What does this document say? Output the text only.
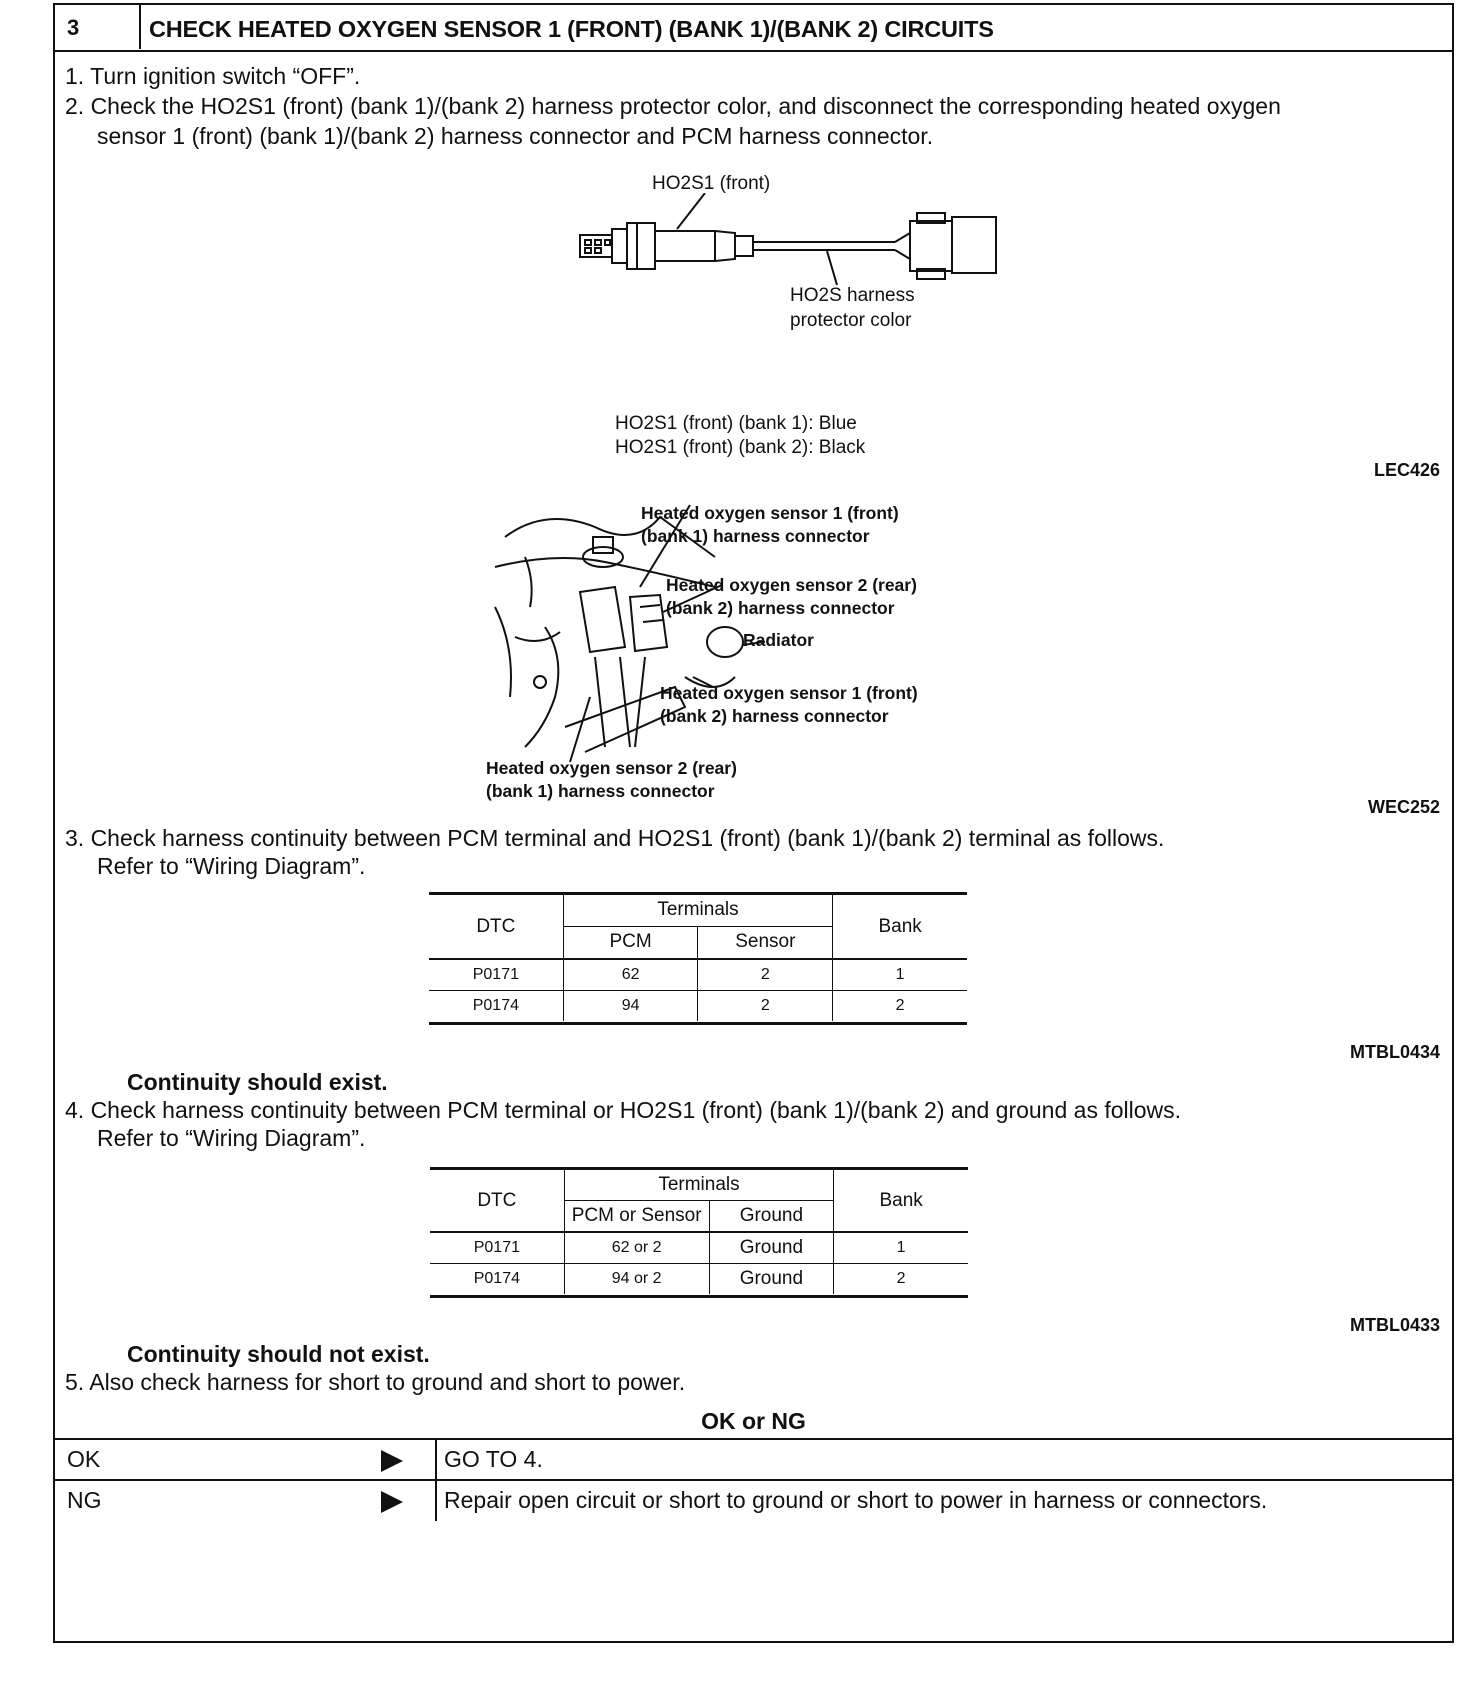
3	CHECK HEATED OXYGEN SENSOR 1 (FRONT) (BANK 1)/(BANK 2) CIRCUITS
1. Turn ignition switch “OFF”.
2. Check the HO2S1 (front) (bank 1)/(bank 2) harness protector color, and disconnect the corresponding heated oxygen
sensor 1 (front) (bank 1)/(bank 2) harness connector and PCM harness connector.
HO2S1 (front)
HO2S harness
protector color
HO2S1 (front) (bank 1): Blue
HO2S1 (front) (bank 2): Black
LEC426
Heated oxygen sensor 1 (front)
(bank 1) harness connector
Heated oxygen sensor 2 (rear)
(bank 2) harness connector
Radiator
Heated oxygen sensor 1 (front)
(bank 2) harness connector
Heated oxygen sensor 2 (rear)
(bank 1) harness connector
WEC252
3. Check harness continuity between PCM terminal and HO2S1 (front) (bank 1)/(bank 2) terminal as follows.
Refer to “Wiring Diagram”.
DTC	Terminals		Bank
	PCM	Sensor	
P0171	62	2	1
P0174	94	2	2
MTBL0434
Continuity should exist.
4. Check harness continuity between PCM terminal or HO2S1 (front) (bank 1)/(bank 2) and ground as follows.
Refer to “Wiring Diagram”.
DTC	Terminals		Bank
	PCM or Sensor	Ground	
P0171	62 or 2	Ground	1
P0174	94 or 2	Ground	2
MTBL0433
Continuity should not exist.
5. Also check harness for short to ground and short to power.
OK or NG
OK	GO TO 4.
NG	Repair open circuit or short to ground or short to power in harness or connectors.
